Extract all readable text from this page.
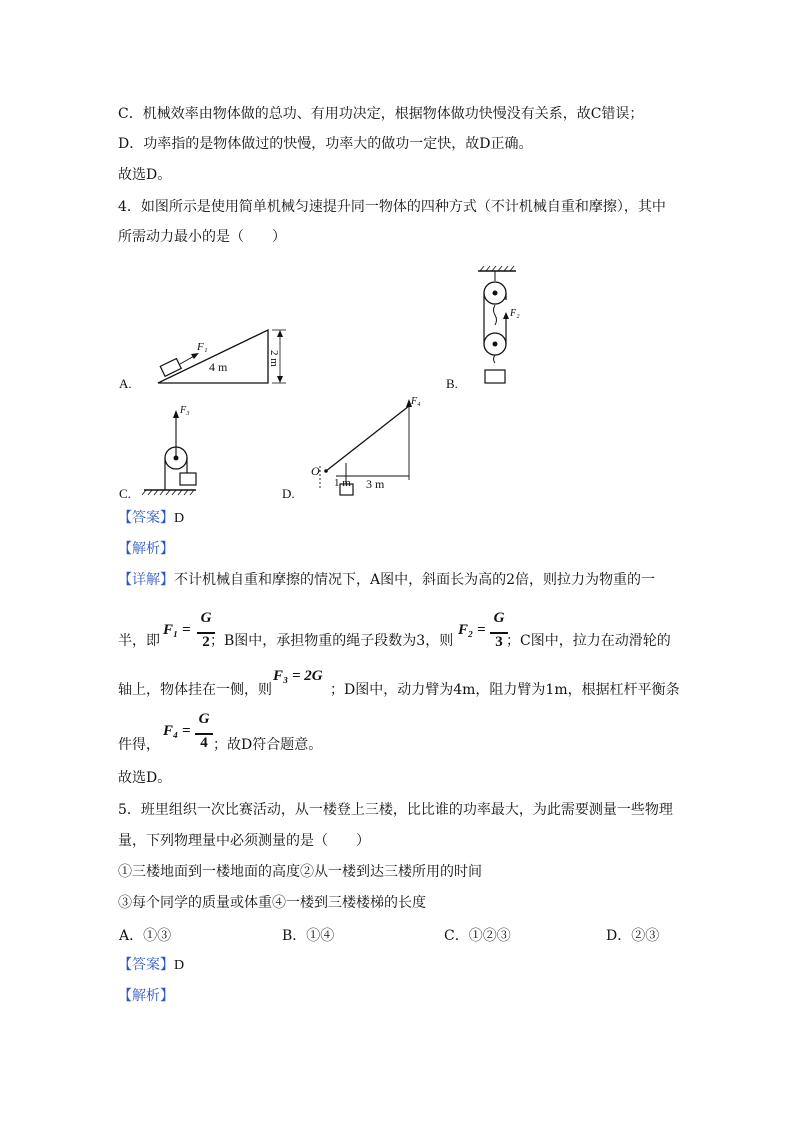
C．机械效率由物体做的总功、有用功决定，根据物体做功快慢没有关系，故C错误；
D．功率指的是物体做过的快慢，功率大的做功一定快，故D正确。
故选D。
4．如图所示是使用简单机械匀速提升同一物体的四种方式（不计机械自重和摩擦），其中
所需动力最小的是（　　）
A.
F₁
4 m
2 m
B.
F₂
C.
F₃
D.
F₄
O
1 m 3 m
【答案】D
【解析】
【详解】不计机械自重和摩擦的情况下，A图中，斜面长为高的2倍，则拉力为物重的一
半，即
F₁ =
G
2 ；B图中，承担物重的绳子段数为3，则
F₂ =
G
3 ；C图中，拉力在动滑轮的
轴上，物体挂在一侧，则
F₃ = 2G
；D图中，动力臂为4m，阻力臂为1m，根据杠杆平衡条
件得，
F₄ =
G
4 ；故D符合题意。
故选D。
5．班里组织一次比赛活动，从一楼登上三楼，比比谁的功率最大，为此需要测量一些物理
量，下列物理量中必须测量的是（　　）
①三楼地面到一楼地面的高度②从一楼到达三楼所用的时间
③每个同学的质量或体重④一楼到三楼楼梯的长度
A．①③	B．①④	C．①②③	D．②③
【答案】D
【解析】
